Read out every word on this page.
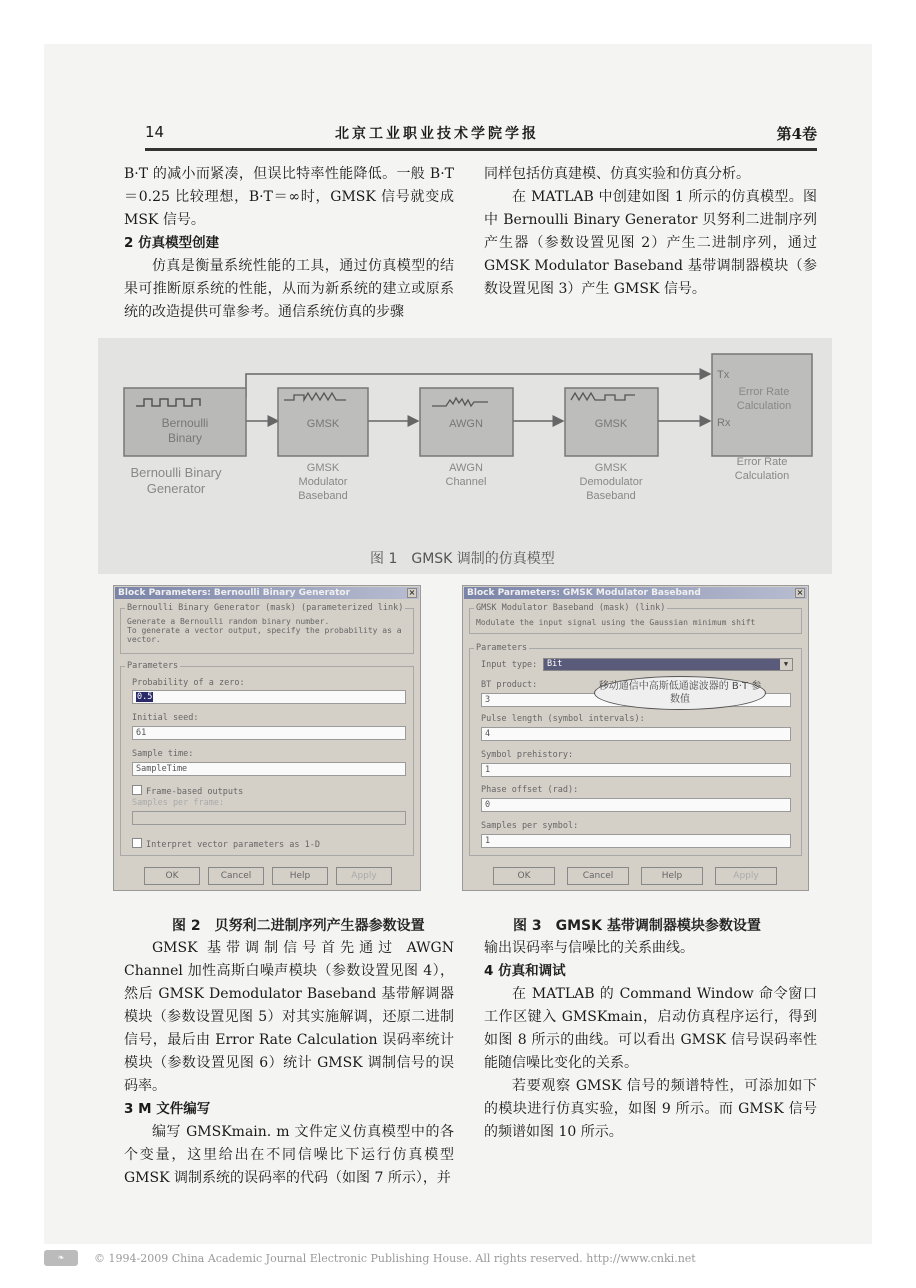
14	北京工业职业技术学院学报	第4卷

B·T 的减小而紧凑，但误比特率性能降低。一般 B·T＝0.25 比较理想，B·T＝∞时，GMSK 信号就变成 MSK 信号。

2 仿真模型创建

仿真是衡量系统性能的工具，通过仿真模型的结果可推断原系统的性能，从而为新系统的建立或原系统的改造提供可靠参考。通信系统仿真的步骤

同样包括仿真建模、仿真实验和仿真分析。

在 MATLAB 中创建如图 1 所示的仿真模型。图中 Bernoulli Binary Generator 贝努利二进制序列产生器（参数设置见图 2）产生二进制序列，通过 GMSK Modulator Baseband 基带调制器模块（参数设置见图 3）产生 GMSK 信号。

Bernoulli
Binary
Bernoulli Binary
Generator
GMSK
GMSK
Modulator
Baseband
AWGN
AWGN
Channel
GMSK
GMSK
Demodulator
Baseband
Tx
Rx
Error Rate
Calculation
Error Rate
Calculation
图 1　GMSK 调制的仿真模型
Block Parameters: Bernoulli Binary Generator	×
Bernoulli Binary Generator (mask) (parameterized link)
Generate a Bernoulli random binary number.
To generate a vector output, specify the probability as a
vector.
Parameters
Probability of a zero:
0.5
Initial seed:
61
Sample time:
SampleTime
Frame-based outputs
Samples per frame:
Interpret vector parameters as 1-D
OK	Cancel	Help	Apply
Block Parameters: GMSK Modulator Baseband	×
GMSK Modulator Baseband (mask) (link)
Modulate the input signal using the Gaussian minimum shift
Parameters
Input type:	Bit	▼
BT product:
3
Pulse length (symbol intervals):
4
Symbol prehistory:
1
Phase offset (rad):
0
Samples per symbol:
1
OK	Cancel	Help	Apply
移动通信中高斯低通滤波器的 B·T 参数值
图 2　贝努利二进制序列产生器参数设置	图 3　GMSK 基带调制器模块参数设置

GMSK 基带调制信号首先通过 AWGN Channel 加性高斯白噪声模块（参数设置见图 4），然后 GMSK Demodulator Baseband 基带解调器模块（参数设置见图 5）对其实施解调，还原二进制信号，最后由 Error Rate Calculation 误码率统计模块（参数设置见图 6）统计 GMSK 调制信号的误码率。

3 M 文件编写

编写 GMSKmain. m 文件定义仿真模型中的各个变量，这里给出在不同信噪比下运行仿真模型 GMSK 调制系统的误码率的代码（如图 7 所示），并

输出误码率与信噪比的关系曲线。

4 仿真和调试

在 MATLAB 的 Command Window 命令窗口工作区键入 GMSKmain，启动仿真程序运行，得到如图 8 所示的曲线。可以看出 GMSK 信号误码率性能随信噪比变化的关系。

若要观察 GMSK 信号的频谱特性，可添加如下的模块进行仿真实验，如图 9 所示。而 GMSK 信号的频谱如图 10 所示。

❧	© 1994-2009 China Academic Journal Electronic Publishing House. All rights reserved. http://www.cnki.net
